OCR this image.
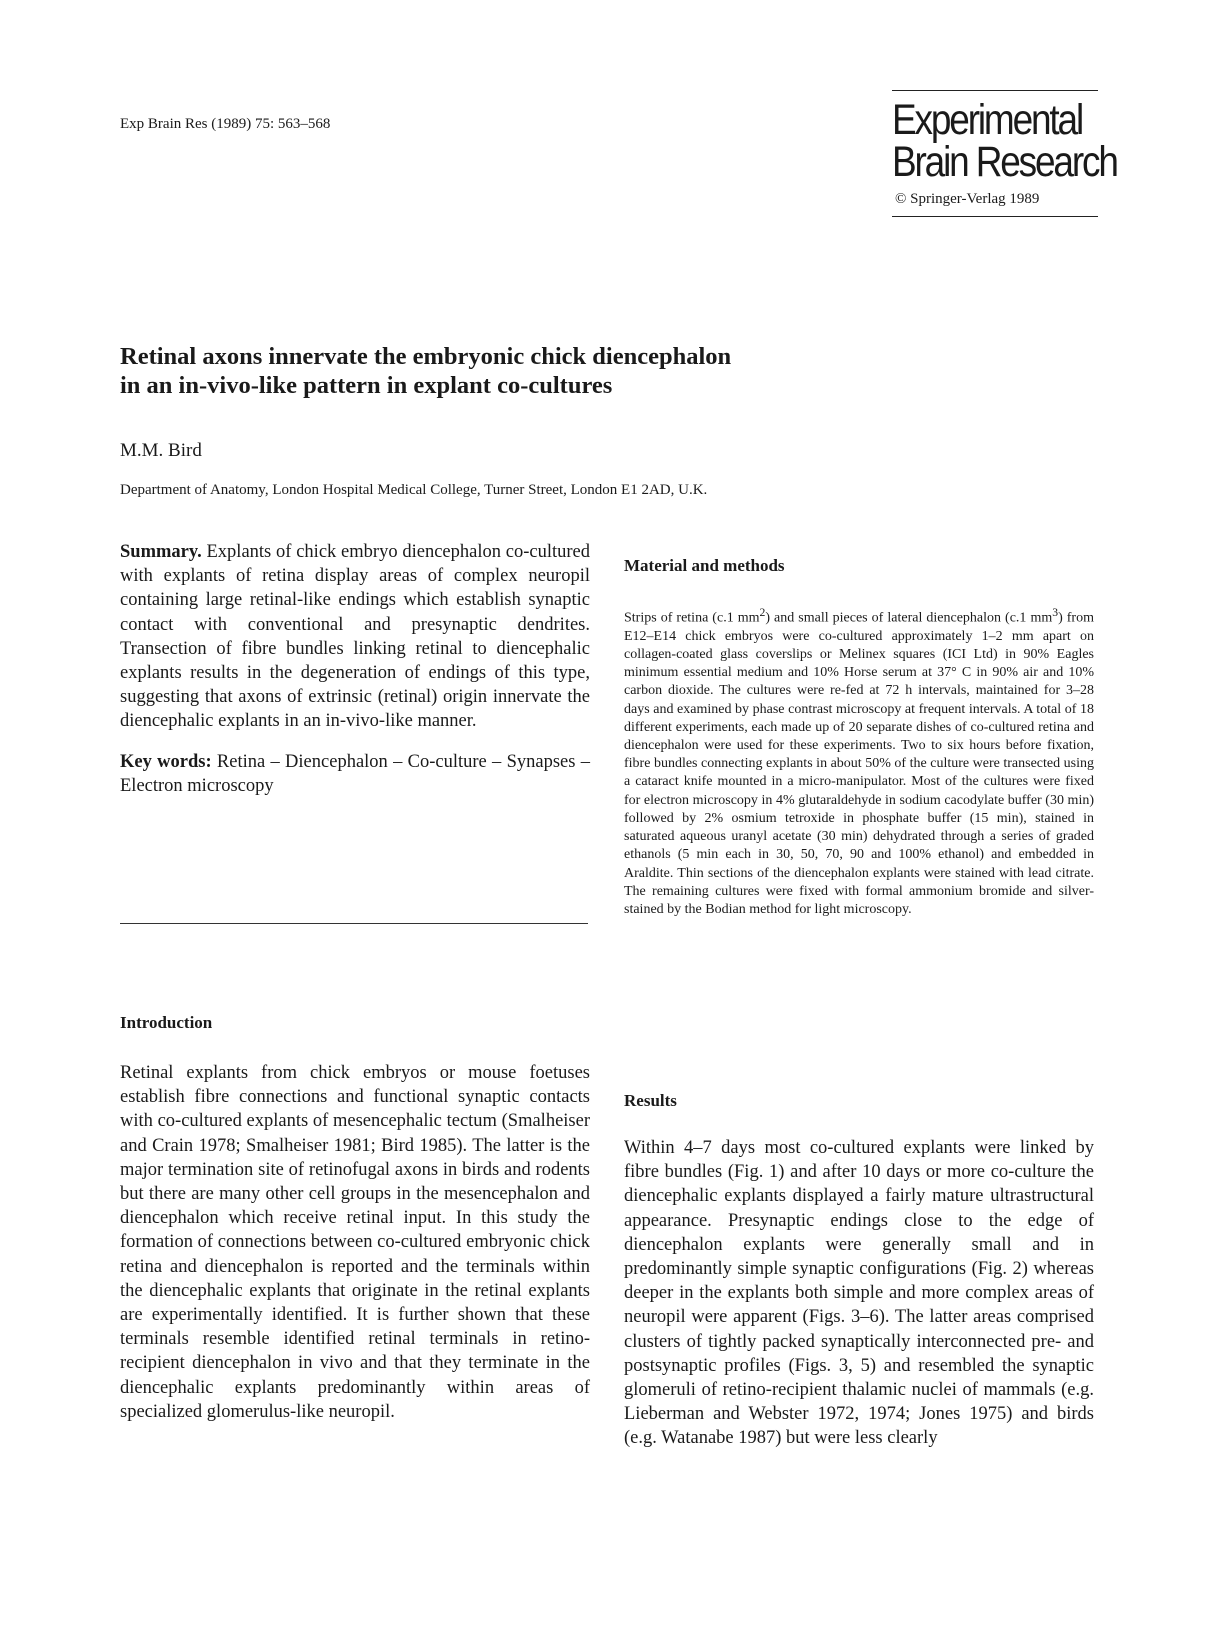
Exp Brain Res (1989) 75: 563–568	Experimental
Brain Research
© Springer-Verlag 1989
Retinal axons innervate the embryonic chick diencephalon
in an in-vivo-like pattern in explant co-cultures
M.M. Bird
Department of Anatomy, London Hospital Medical College, Turner Street, London E1 2AD, U.K.

Summary. Explants of chick embryo diencephalon co-cultured with explants of retina display areas of complex neuropil containing large retinal-like endings which establish synaptic contact with conventional and presynaptic dendrites. Transection of fibre bundles linking retinal to diencephalic explants results in the degeneration of endings of this type, suggesting that axons of extrinsic (retinal) origin innervate the diencephalic explants in an in-vivo-like manner.

Key words: Retina – Diencephalon – Co-culture – Synapses – Electron microscopy

Introduction

Retinal explants from chick embryos or mouse foetuses establish fibre connections and functional synaptic contacts with co-cultured explants of mesencephalic tectum (Smalheiser and Crain 1978; Smalheiser 1981; Bird 1985). The latter is the major termination site of retinofugal axons in birds and rodents but there are many other cell groups in the mesencephalon and diencephalon which receive retinal input. In this study the formation of connections between co-cultured embryonic chick retina and diencephalon is reported and the terminals within the diencephalic explants that originate in the retinal explants are experimentally identified. It is further shown that these terminals resemble identified retinal terminals in retino-recipient diencephalon in vivo and that they terminate in the diencephalic explants predominantly within areas of specialized glomerulus-like neuropil.

Material and methods

Strips of retina (c.1 $mm^2$) and small pieces of lateral diencephalon (c.1 $mm^3$) from E12–E14 chick embryos were co-cultured approximately 1–2 mm apart on collagen-coated glass coverslips or Melinex squares (ICI Ltd) in 90% Eagles minimum essential medium and 10% Horse serum at 37° C in 90% air and 10% carbon dioxide. The cultures were re-fed at 72 h intervals, maintained for 3–28 days and examined by phase contrast microscopy at frequent intervals. A total of 18 different experiments, each made up of 20 separate dishes of co-cultured retina and diencephalon were used for these experiments. Two to six hours before fixation, fibre bundles connecting explants in about 50% of the culture were transected using a cataract knife mounted in a micro-manipulator. Most of the cultures were fixed for electron microscopy in 4% glutaraldehyde in sodium cacodylate buffer (30 min) followed by 2% osmium tetroxide in phosphate buffer (15 min), stained in saturated aqueous uranyl acetate (30 min) dehydrated through a series of graded ethanols (5 min each in 30, 50, 70, 90 and 100% ethanol) and embedded in Araldite. Thin sections of the diencephalon explants were stained with lead citrate. The remaining cultures were fixed with formal ammonium bromide and silver-stained by the Bodian method for light microscopy.

Results

Within 4–7 days most co-cultured explants were linked by fibre bundles (Fig. 1) and after 10 days or more co-culture the diencephalic explants displayed a fairly mature ultrastructural appearance. Presynaptic endings close to the edge of diencephalon explants were generally small and in predominantly simple synaptic configurations (Fig. 2) whereas deeper in the explants both simple and more complex areas of neuropil were apparent (Figs. 3–6). The latter areas comprised clusters of tightly packed synaptically interconnected pre- and postsynaptic profiles (Figs. 3, 5) and resembled the synaptic glomeruli of retino-recipient thalamic nuclei of mammals (e.g. Lieberman and Webster 1972, 1974; Jones 1975) and birds (e.g. Watanabe 1987) but were less clearly
